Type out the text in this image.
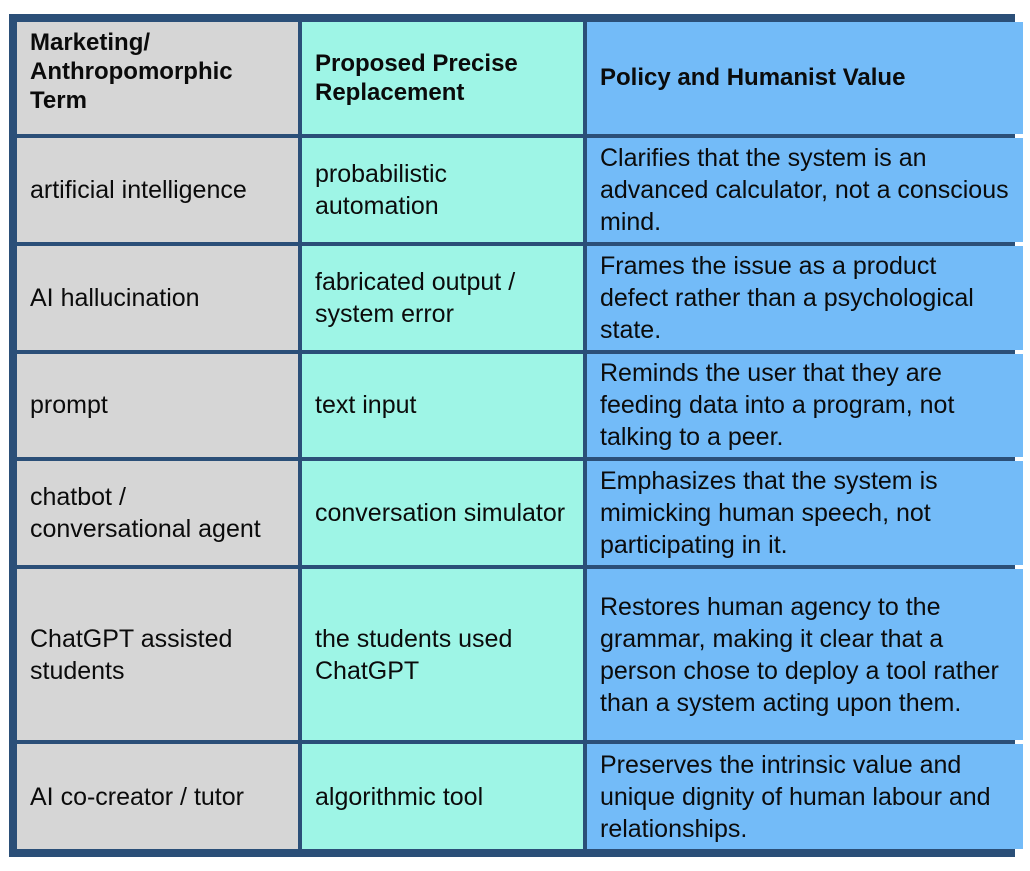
Marketing/ Anthropomorphic Term	Proposed Precise Replacement	Policy and Humanist Value
artificial intelligence	probabilistic automation	Clarifies that the system is an advanced calculator, not a conscious mind.
AI hallucination	fabricated output / system error	Frames the issue as a product defect rather than a psychological state.
prompt	text input	Reminds the user that they are feeding data into a program, not talking to a peer.
chatbot / conversational agent	conversation simulator	Emphasizes that the system is mimicking human speech, not participating in it.
ChatGPT assisted students	the students used ChatGPT	Restores human agency to the grammar, making it clear that a person chose to deploy a tool rather than a system acting upon them.
AI co-creator / tutor	algorithmic tool	Preserves the intrinsic value and unique dignity of human labour and relationships.
